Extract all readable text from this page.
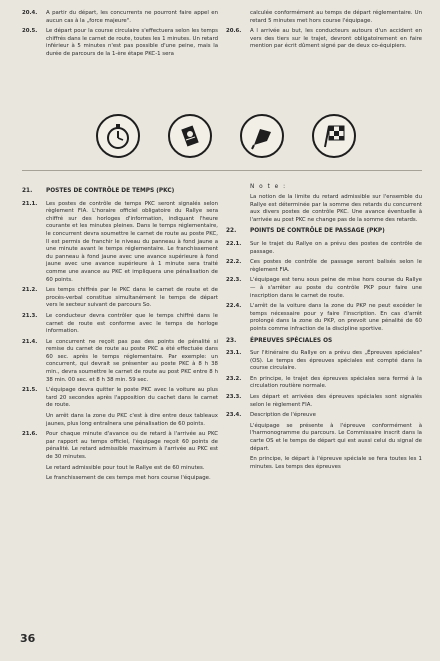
20.4.	A partir du départ, les concurrents ne pourront faire appel en aucun cas à la „force majeure".
20.5.	Le départ pour la course circulaire s'effectuera selon les temps chiffrés dans le carnet de route, toutes les 1 minutes. Un retard inférieur à 5 minutes n'est pas possible d'une peine, mais la durée de parcours de la 1-ère étape PKC-1 sera
calculée conformément au temps de départ réglementaire. Un retard 5 minutes met hors course l'équipage.
20.6.	A l arrivée au but, les conducteurs autours d'un accident en vers des tiers sur le trajet, devront obligatoirement en faire mention par écrit dûment signé par de deux co-équipiers.
21.	POSTES DE CONTRÔLE DE TEMPS (PKC)
21.1.	Les postes de contrôle de temps PKC seront signalés selon règlement FIA. L'horaire officiel obligatoire du Rallye sera chiffré sur des horloges d'information, indiquant l'heure courante et les minutes pleines. Dans le temps réglementaire, le concurrent devra soumettre le carnet de route au poste PKC, Il est permis de franchir le niveau du panneau à fond jaune a une minute avant le temps réglementaire. Le franchissement du panneau à fond jaune avec une avance supérieure à fond jaune avec une avance supérieure à 1 minute sera traité comme une avance au PKC et impliquera une pénalisation de 60 points.
21.2.	Les temps chiffrés par le PKC dans le carnet de route et de procès-verbal constitue simultanément le temps de départ vers le secteur suivant de parcours So.
21.3.	Le conducteur devra contrôler que le temps chiffré dans le carnet de route est conforme avec le temps de horloge information.
21.4.	Le concurrent ne reçoit pas pas des points de pénalité si remise du carnet de route au poste PKC a été effectuée dans 60 sec. après le temps réglementaire. Par exemple: un concurrent, qui devrait se présenter au poste PKC à 8 h 38 min., devra soumettre le carnet de route au post PKC entre 8 h 38 min. 00 sec. et 8 h 38 min. 59 sec.
21.5.	L'équipage devra quitter le poste PKC avec la voiture au plus tard 20 secondes après l'apposition du cachet dans le carnet de route.
Un arrêt dans la zone du PKC c'est à dire entre deux tableaux jaunes, plus long entraînera une pénalisation de 60 points.
21.6.	Pour chaque minute d'avance ou de retard à l'arrivée au PKC par rapport au temps officiel, l'équipage reçoit 60 points de pénalité. Le retard admissible maximum à l'arrivée au PKC est de 30 minutes.
Le retard admissible pour tout le Rallye est de 60 minutes.
Le franchissement de ces temps met hors course l'équipage.
N o t e :
La notion de la limite du retard admissible sur l'ensemble du Rallye est déterminée par la somme des retards du concurrent aux divers postes de contrôle PKC. Une avance éventuelle à l'arrivée au post PKC ne change pas de la somme des retards.
22.	POINTS DE CONTRÔLE DE PASSAGE (PKP)
22.1.	Sur le trajet du Rallye on a prévu des postes de contrôle de passage.
22.2.	Ces postes de contrôle de passage seront balisés selon le règlement FIA.
22.3.	L'équipage est tenu sous peine de mise hors course du Rallye — à s'arrêter au poste du contrôle PKP pour faire une inscription dans le carnet de route.
22.4.	L'arrêt de la voiture dans la zone du PKP ne peut excéder le temps nécessaire pour y faire l'inscription. En cas d'arrêt prolongé dans la zone du PKP, on prevoit une pénalité de 60 points comme infraction de la discipline sportive.
23.	ÉPREUVES SPÉCIALES OS
23.1.	Sur l'itinéraire du Rallye on a prévu des „Épreuves spéciales" (OS). Le temps des épreuves spéciales est compté dans la course circulaire.
23.2.	En principe, le trajet des épreuves spéciales sera fermé à la circulation routière normale.
23.3.	Les départ et arrivées des épreuves spéciales sont signalés selon le règlement FIA.
23.4.	Description de l'épreuve
L'équipage se présente à l'épreuve conformément à l'harmonogramme du parcours. Le Commissaire inscrit dans la carte OS et le temps de départ qui est aussi celui du signal de départ.
En principe, le départ à l'épreuve spéciale se fera toutes les 1 minutes. Les temps des épreuves
36
